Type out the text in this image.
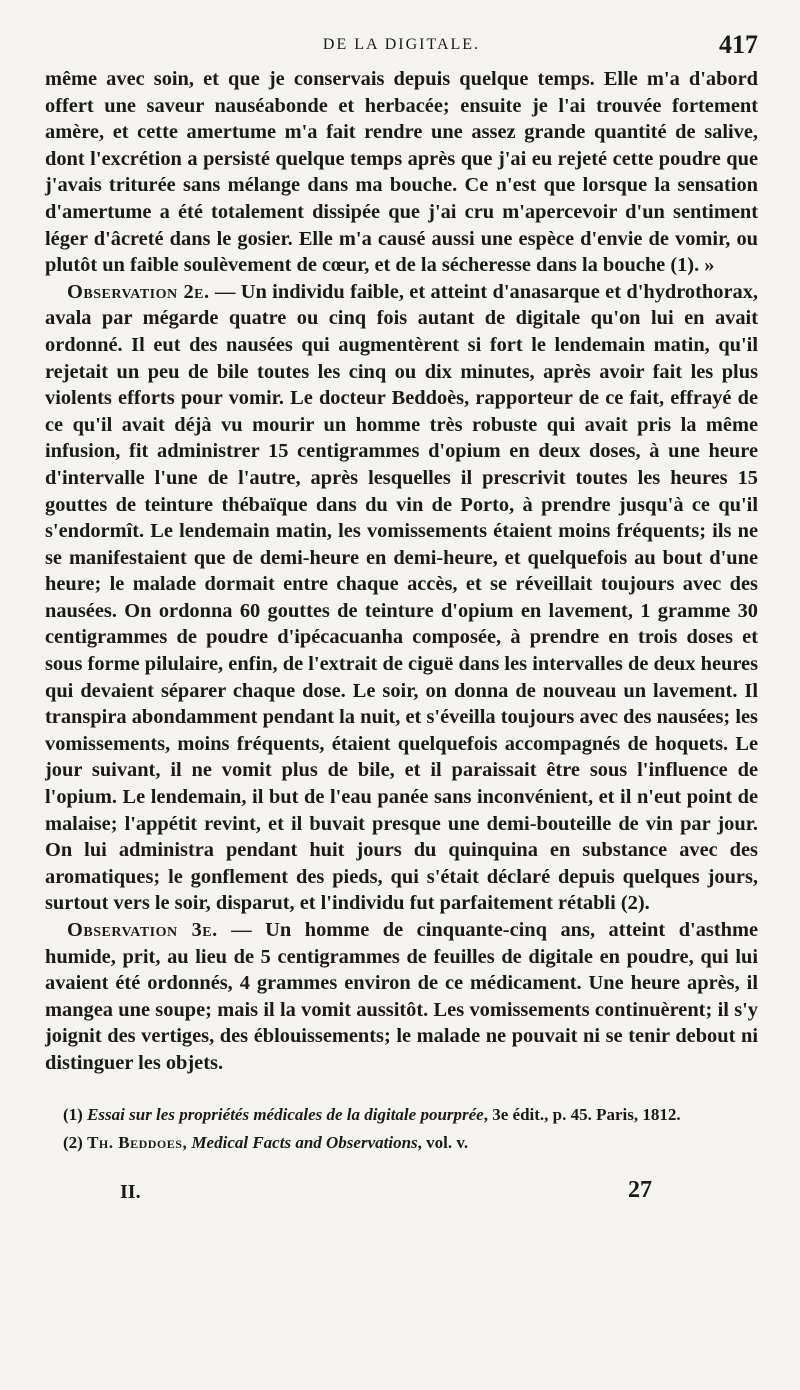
DE LA DIGITALE.	417

même avec soin, et que je conservais depuis quelque temps. Elle m'a d'abord offert une saveur nauséabonde et herbacée; ensuite je l'ai trouvée fortement amère, et cette amertume m'a fait rendre une assez grande quantité de salive, dont l'excrétion a persisté quelque temps après que j'ai eu rejeté cette poudre que j'avais triturée sans mélange dans ma bouche. Ce n'est que lorsque la sensation d'amertume a été totalement dissipée que j'ai cru m'apercevoir d'un sentiment léger d'âcreté dans le gosier. Elle m'a causé aussi une espèce d'envie de vomir, ou plutôt un faible soulèvement de cœur, et de la sécheresse dans la bouche (1). »

Observation 2e. — Un individu faible, et atteint d'anasarque et d'hydrothorax, avala par mégarde quatre ou cinq fois autant de digitale qu'on lui en avait ordonné. Il eut des nausées qui augmentèrent si fort le lendemain matin, qu'il rejetait un peu de bile toutes les cinq ou dix minutes, après avoir fait les plus violents efforts pour vomir. Le docteur Beddoès, rapporteur de ce fait, effrayé de ce qu'il avait déjà vu mourir un homme très robuste qui avait pris la même infusion, fit administrer 15 centigrammes d'opium en deux doses, à une heure d'intervalle l'une de l'autre, après lesquelles il prescrivit toutes les heures 15 gouttes de teinture thébaïque dans du vin de Porto, à prendre jusqu'à ce qu'il s'endormît. Le lendemain matin, les vomissements étaient moins fréquents; ils ne se manifestaient que de demi-heure en demi-heure, et quelquefois au bout d'une heure; le malade dormait entre chaque accès, et se réveillait toujours avec des nausées. On ordonna 60 gouttes de teinture d'opium en lavement, 1 gramme 30 centigrammes de poudre d'ipécacuanha composée, à prendre en trois doses et sous forme pilulaire, enfin, de l'extrait de ciguë dans les intervalles de deux heures qui devaient séparer chaque dose. Le soir, on donna de nouveau un lavement. Il transpira abondamment pendant la nuit, et s'éveilla toujours avec des nausées; les vomissements, moins fréquents, étaient quelquefois accompagnés de hoquets. Le jour suivant, il ne vomit plus de bile, et il paraissait être sous l'influence de l'opium. Le lendemain, il but de l'eau panée sans inconvénient, et il n'eut point de malaise; l'appétit revint, et il buvait presque une demi-bouteille de vin par jour. On lui administra pendant huit jours du quinquina en substance avec des aromatiques; le gonflement des pieds, qui s'était déclaré depuis quelques jours, surtout vers le soir, disparut, et l'individu fut parfaitement rétabli (2).

Observation 3e. — Un homme de cinquante-cinq ans, atteint d'asthme humide, prit, au lieu de 5 centigrammes de feuilles de digitale en poudre, qui lui avaient été ordonnés, 4 grammes environ de ce médicament. Une heure après, il mangea une soupe; mais il la vomit aussitôt. Les vomissements continuèrent; il s'y joignit des vertiges, des éblouissements; le malade ne pouvait ni se tenir debout ni distinguer les objets.

(1) Essai sur les propriétés médicales de la digitale pourprée, 3e édit., p. 45. Paris, 1812.

(2) Th. Beddoes, Medical Facts and Observations, vol. v.

II.	27
